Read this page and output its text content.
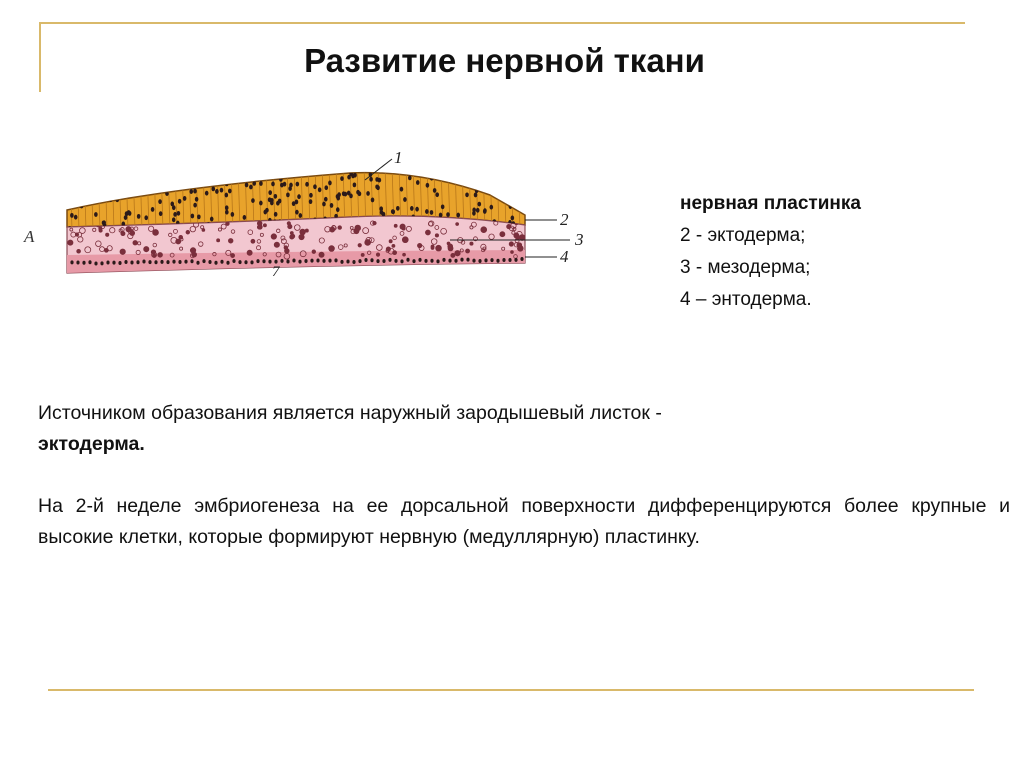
Развитие нервной ткани
А
1
2
3
4
7
нервная пластинка
2 - эктодерма;
3 - мезодерма;
4 – энтодерма.

Источником образования является наружный зародышевый листок -
эктодерма.

На 2-й неделе эмбриогенеза на ее дорсальной поверхности дифференцируются более крупные и высокие клетки, которые формируют нервную (медуллярную) пластинку.
